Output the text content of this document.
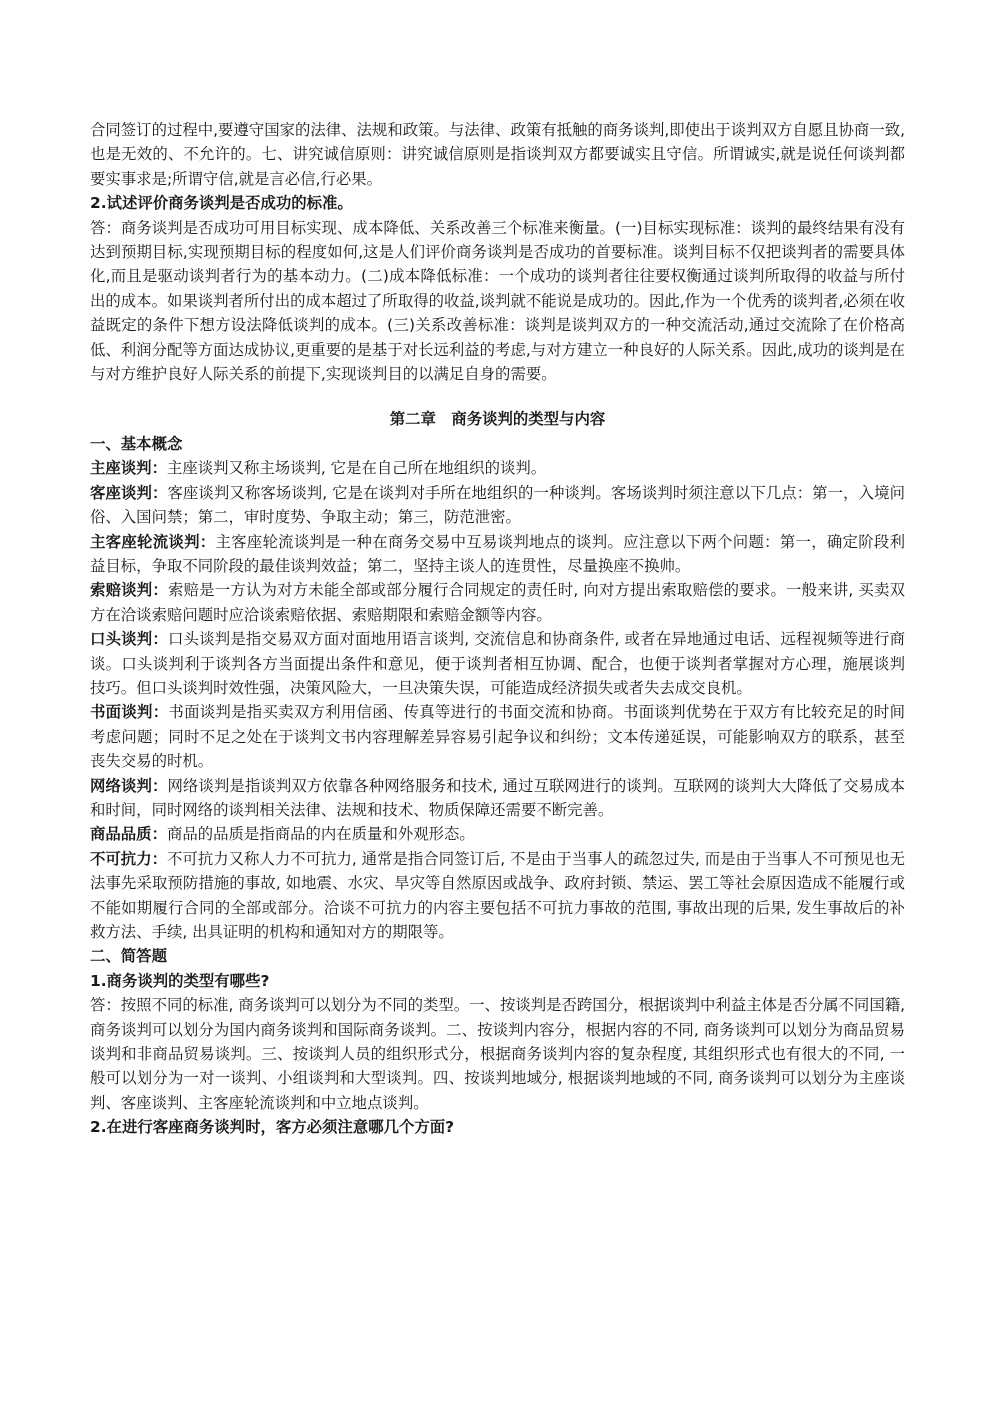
合同签订的过程中,要遵守国家的法律、法规和政策。与法律、政策有抵触的商务谈判,即使出于谈判双方自愿且协商一致,也是无效的、不允许的。七、讲究诚信原则：讲究诚信原则是指谈判双方都要诚实且守信。所谓诚实,就是说任何谈判都要实事求是;所谓守信,就是言必信,行必果。

2.试述评价商务谈判是否成功的标准。

答：商务谈判是否成功可用目标实现、成本降低、关系改善三个标准来衡量。(一)目标实现标准：谈判的最终结果有没有达到预期目标,实现预期目标的程度如何,这是人们评价商务谈判是否成功的首要标准。谈判目标不仅把谈判者的需要具体化,而且是驱动谈判者行为的基本动力。(二)成本降低标准：一个成功的谈判者往往要权衡通过谈判所取得的收益与所付出的成本。如果谈判者所付出的成本超过了所取得的收益,谈判就不能说是成功的。因此,作为一个优秀的谈判者,必须在收益既定的条件下想方设法降低谈判的成本。(三)关系改善标准：谈判是谈判双方的一种交流活动,通过交流除了在价格高低、利润分配等方面达成协议,更重要的是基于对长远利益的考虑,与对方建立一种良好的人际关系。因此,成功的谈判是在与对方维护良好人际关系的前提下,实现谈判目的以满足自身的需要。

第二章　商务谈判的类型与内容

一、基本概念

主座谈判：主座谈判又称主场谈判, 它是在自己所在地组织的谈判。

客座谈判：客座谈判又称客场谈判, 它是在谈判对手所在地组织的一种谈判。客场谈判时须注意以下几点：第一，入境问俗、入国问禁；第二，审时度势、争取主动；第三，防范泄密。

主客座轮流谈判：主客座轮流谈判是一种在商务交易中互易谈判地点的谈判。应注意以下两个问题：第一，确定阶段利益目标，争取不同阶段的最佳谈判效益；第二，坚持主谈人的连贯性，尽量换座不换帅。

索赔谈判：索赔是一方认为对方未能全部或部分履行合同规定的责任时, 向对方提出索取赔偿的要求。一般来讲, 买卖双方在洽谈索赔问题时应洽谈索赔依据、索赔期限和索赔金额等内容。

口头谈判：口头谈判是指交易双方面对面地用语言谈判, 交流信息和协商条件, 或者在异地通过电话、远程视频等进行商谈。口头谈判利于谈判各方当面提出条件和意见，便于谈判者相互协调、配合，也便于谈判者掌握对方心理，施展谈判技巧。但口头谈判时效性强，决策风险大，一旦决策失误，可能造成经济损失或者失去成交良机。

书面谈判：书面谈判是指买卖双方利用信函、传真等进行的书面交流和协商。书面谈判优势在于双方有比较充足的时间考虑问题；同时不足之处在于谈判文书内容理解差异容易引起争议和纠纷；文本传递延误，可能影响双方的联系，甚至丧失交易的时机。

网络谈判：网络谈判是指谈判双方依靠各种网络服务和技术, 通过互联网进行的谈判。互联网的谈判大大降低了交易成本和时间，同时网络的谈判相关法律、法规和技术、物质保障还需要不断完善。

商品品质：商品的品质是指商品的内在质量和外观形态。

不可抗力：不可抗力又称人力不可抗力, 通常是指合同签订后, 不是由于当事人的疏忽过失, 而是由于当事人不可预见也无法事先采取预防措施的事故, 如地震、水灾、旱灾等自然原因或战争、政府封锁、禁运、罢工等社会原因造成不能履行或不能如期履行合同的全部或部分。洽谈不可抗力的内容主要包括不可抗力事故的范围, 事故出现的后果, 发生事故后的补救方法、手续, 出具证明的机构和通知对方的期限等。

二、简答题

1.商务谈判的类型有哪些?

答：按照不同的标准, 商务谈判可以划分为不同的类型。一、按谈判是否跨国分，根据谈判中利益主体是否分属不同国籍, 商务谈判可以划分为国内商务谈判和国际商务谈判。二、按谈判内容分，根据内容的不同, 商务谈判可以划分为商品贸易谈判和非商品贸易谈判。三、按谈判人员的组织形式分，根据商务谈判内容的复杂程度, 其组织形式也有很大的不同, 一般可以划分为一对一谈判、小组谈判和大型谈判。四、按谈判地域分, 根据谈判地域的不同, 商务谈判可以划分为主座谈判、客座谈判、主客座轮流谈判和中立地点谈判。

2.在进行客座商务谈判时，客方必须注意哪几个方面?
